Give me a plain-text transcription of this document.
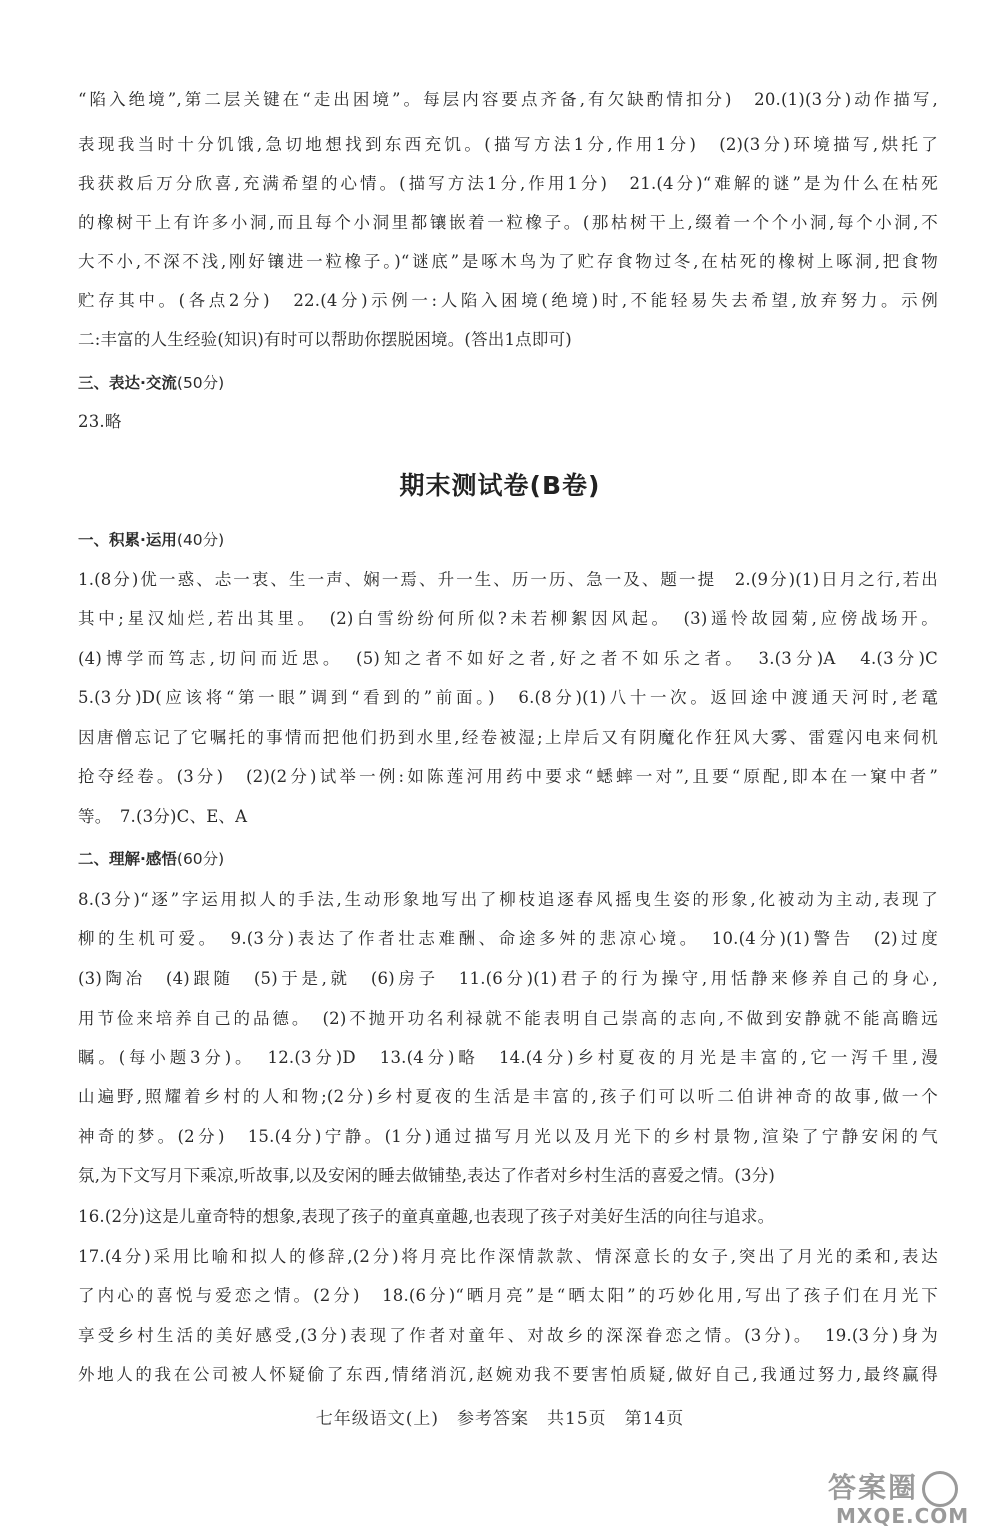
“陷入绝境”,第二层关键在“走出困境”。每层内容要点齐备,有欠缺酌情扣分)　20.(1)(3分)动作描写,
表现我当时十分饥饿,急切地想找到东西充饥。(描写方法1分,作用1分)　(2)(3分)环境描写,烘托了
我获救后万分欣喜,充满希望的心情。(描写方法1分,作用1分)　21.(4分)“难解的谜”是为什么在枯死
的橡树干上有许多小洞,而且每个小洞里都镶嵌着一粒橡子。(那枯树干上,缀着一个个小洞,每个小洞,不
大不小,不深不浅,刚好镶进一粒橡子。)“谜底”是啄木鸟为了贮存食物过冬,在枯死的橡树上啄洞,把食物
贮存其中。(各点2分)　22.(4分)示例一:人陷入困境(绝境)时,不能轻易失去希望,放弃努力。示例
二:丰富的人生经验(知识)有时可以帮助你摆脱困境。(答出1点即可)
三、表达·交流(50分)
23.略
期末测试卷(B卷)
一、积累·运用(40分)
1.(8分)优一惑、忐一衷、生一声、娴一焉、升一生、历一历、急一及、题一提　2.(9分)(1)日月之行,若出
其中;星汉灿烂,若出其里。　(2)白雪纷纷何所似?未若柳絮因风起。　(3)遥怜故园菊,应傍战场开。
(4)博学而笃志,切问而近思。　(5)知之者不如好之者,好之者不如乐之者。　3.(3分)A　4.(3分)C
5.(3分)D(应该将“第一眼”调到“看到的”前面。)　6.(8分)(1)八十一次。返回途中渡通天河时,老鼋
因唐僧忘记了它嘱托的事情而把他们扔到水里,经卷被湿;上岸后又有阴魔化作狂风大雾、雷霆闪电来伺机
抢夺经卷。(3分)　(2)(2分)试举一例:如陈莲河用药中要求“蟋蟀一对”,且要“原配,即本在一窠中者”
等。　7.(3分)C、E、A
二、理解·感悟(60分)
8.(3分)“逐”字运用拟人的手法,生动形象地写出了柳枝追逐春风摇曳生姿的形象,化被动为主动,表现了
柳的生机可爱。　9.(3分)表达了作者壮志难酬、命途多舛的悲凉心境。　10.(4分)(1)警告　(2)过度
(3)陶冶　(4)跟随　(5)于是,就　(6)房子　11.(6分)(1)君子的行为操守,用恬静来修养自己的身心,
用节俭来培养自己的品德。　(2)不抛开功名利禄就不能表明自己崇高的志向,不做到安静就不能高瞻远
瞩。(每小题3分)。　12.(3分)D　13.(4分)略　14.(4分)乡村夏夜的月光是丰富的,它一泻千里,漫
山遍野,照耀着乡村的人和物;(2分)乡村夏夜的生活是丰富的,孩子们可以听二伯讲神奇的故事,做一个
神奇的梦。(2分)　15.(4分)宁静。(1分)通过描写月光以及月光下的乡村景物,渲染了宁静安闲的气
氛,为下文写月下乘凉,听故事,以及安闲的睡去做铺垫,表达了作者对乡村生活的喜爱之情。(3分)
16.(2分)这是儿童奇特的想象,表现了孩子的童真童趣,也表现了孩子对美好生活的向往与追求。
17.(4分)采用比喻和拟人的修辞,(2分)将月亮比作深情款款、情深意长的女子,突出了月光的柔和,表达
了内心的喜悦与爱恋之情。(2分)　18.(6分)“晒月亮”是“晒太阳”的巧妙化用,写出了孩子们在月光下
享受乡村生活的美好感受,(3分)表现了作者对童年、对故乡的深深眷恋之情。(3分)。　19.(3分)身为
外地人的我在公司被人怀疑偷了东西,情绪消沉,赵婉劝我不要害怕质疑,做好自己,我通过努力,最终赢得
七年级语文(上)　参考答案　共15页　第14页
答案圈
MXQE.COM
